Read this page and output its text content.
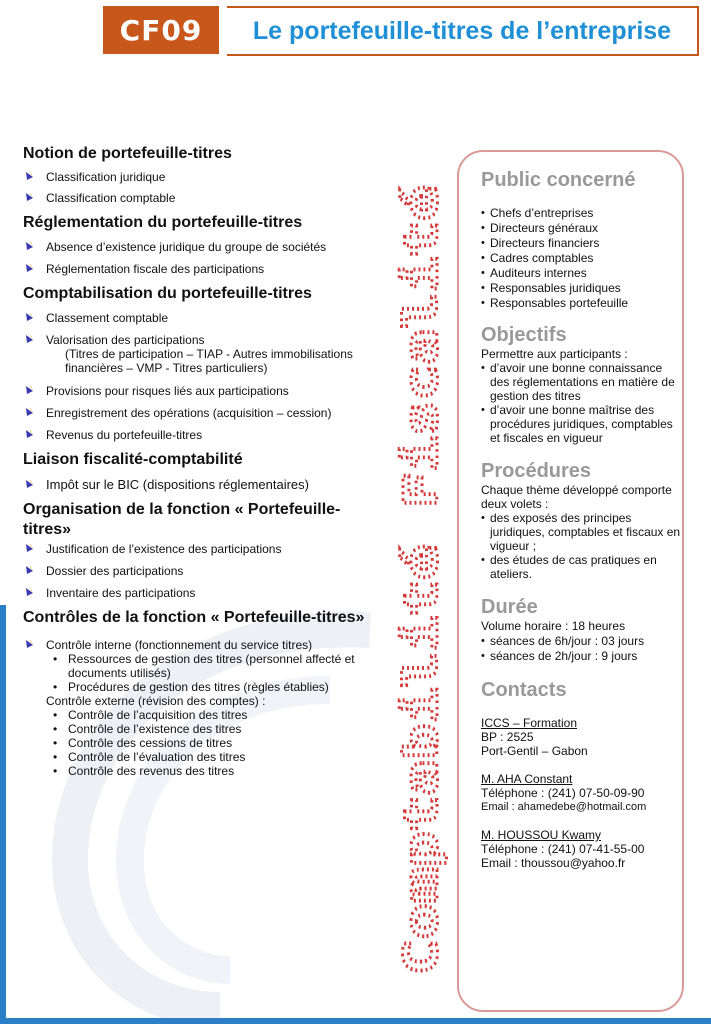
CF09	Le portefeuille-titres de l’entreprise
Notion de portefeuille-titres
Classification juridique
Classification comptable
Réglementation du portefeuille-titres
Absence d’existence juridique du groupe de sociétés
Réglementation fiscale des participations
Comptabilisation du portefeuille-titres
Classement comptable
Valorisation des participations
(Titres de participation – TIAP - Autres immobilisations financières – VMP - Titres particuliers)
Provisions pour risques liés aux participations
Enregistrement des opérations (acquisition – cession)
Revenus du portefeuille-titres
Liaison fiscalité-comptabilité
Impôt sur le BIC (dispositions réglementaires)
Organisation de la fonction « Portefeuille-titres»
Justification de l’existence des participations
Dossier des participations
Inventaire des participations
Contrôles de la fonction « Portefeuille-titres»
Contrôle interne (fonctionnement du service titres)
• Ressources de gestion des titres (personnel affecté et documents utilisés)
• Procédures de gestion des titres (règles établies)
Contrôle externe (révision des comptes) :
• Contrôle de l’acquisition des titres
• Contrôle de l’existence des titres
• Contrôle des cessions de titres
• Contrôle de l’évaluation des titres
• Contrôle des revenus des titres	Comptabilité Fiscalité
Public concerné
• Chefs d’entreprises
• Directeurs généraux
• Directeurs financiers
• Cadres comptables
• Auditeurs internes
• Responsables juridiques
• Responsables portefeuille
Objectifs

Permettre aux participants :

• d’avoir une bonne connaissance des réglementations en matière de gestion des titres
• d’avoir une bonne maîtrise des procédures juridiques, comptables et fiscales en vigueur
Procédures

Chaque thème développé comporte deux volets :

• des exposés des principes juridiques, comptables et fiscaux en vigueur ;
• des études de cas pratiques en ateliers.
Durée

Volume horaire : 18 heures

• séances de 6h/jour : 03 jours
• séances de 2h/jour : 9 jours
Contacts

ICCS – Formation

BP : 2525

Port-Gentil – Gabon

M. AHA Constant

Téléphone : (241) 07-50-09-90

Email : ahamedebe@hotmail.com

M. HOUSSOU Kwamy

Téléphone : (241) 07-41-55-00

Email : thoussou@yahoo.fr
